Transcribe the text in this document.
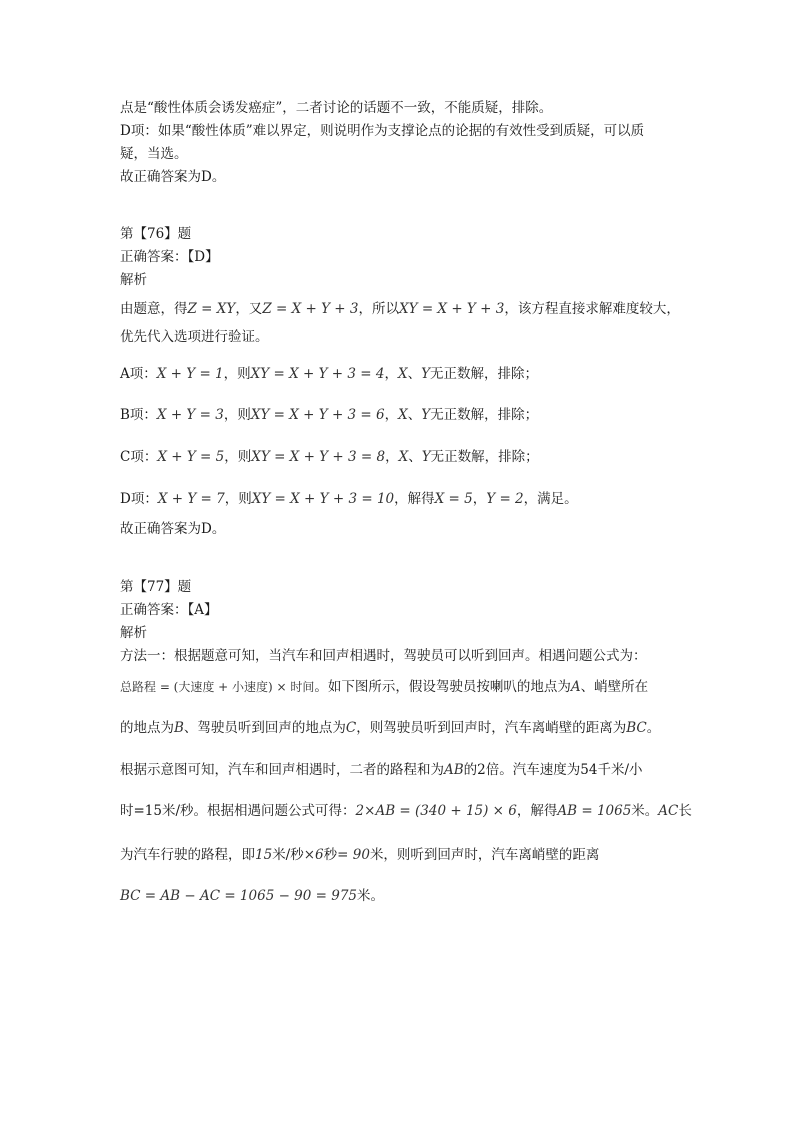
点是“酸性体质会诱发癌症”，二者讨论的话题不一致，不能质疑，排除。
D项：如果“酸性体质”难以界定，则说明作为支撑论点的论据的有效性受到质疑，可以质
疑，当选。
故正确答案为D。
第【76】题
正确答案：【D】
解析
由题意，得Z = XY，又Z = X + Y + 3，所以XY = X + Y + 3，该方程直接求解难度较大，
优先代入选项进行验证。
A项：X + Y = 1，则XY = X + Y + 3 = 4，X、Y无正数解，排除；
B项：X + Y = 3，则XY = X + Y + 3 = 6，X、Y无正数解，排除；
C项：X + Y = 5，则XY = X + Y + 3 = 8，X、Y无正数解，排除；
D项：X + Y = 7，则XY = X + Y + 3 = 10，解得X = 5，Y = 2，满足。
故正确答案为D。
第【77】题
正确答案：【A】
解析
方法一：根据题意可知，当汽车和回声相遇时，驾驶员可以听到回声。相遇问题公式为：
总路程 = (大速度 + 小速度) × 时间。如下图所示，假设驾驶员按喇叭的地点为A、峭壁所在
的地点为B、驾驶员听到回声的地点为C，则驾驶员听到回声时，汽车离峭壁的距离为BC。
根据示意图可知，汽车和回声相遇时，二者的路程和为AB的2倍。汽车速度为54千米/小
时=15米/秒。根据相遇问题公式可得：2×AB = (340 + 15) × 6，解得AB = 1065米。AC长
为汽车行驶的路程，即15米/秒×6秒= 90米，则听到回声时，汽车离峭壁的距离
BC = AB − AC = 1065 − 90 = 975米。
